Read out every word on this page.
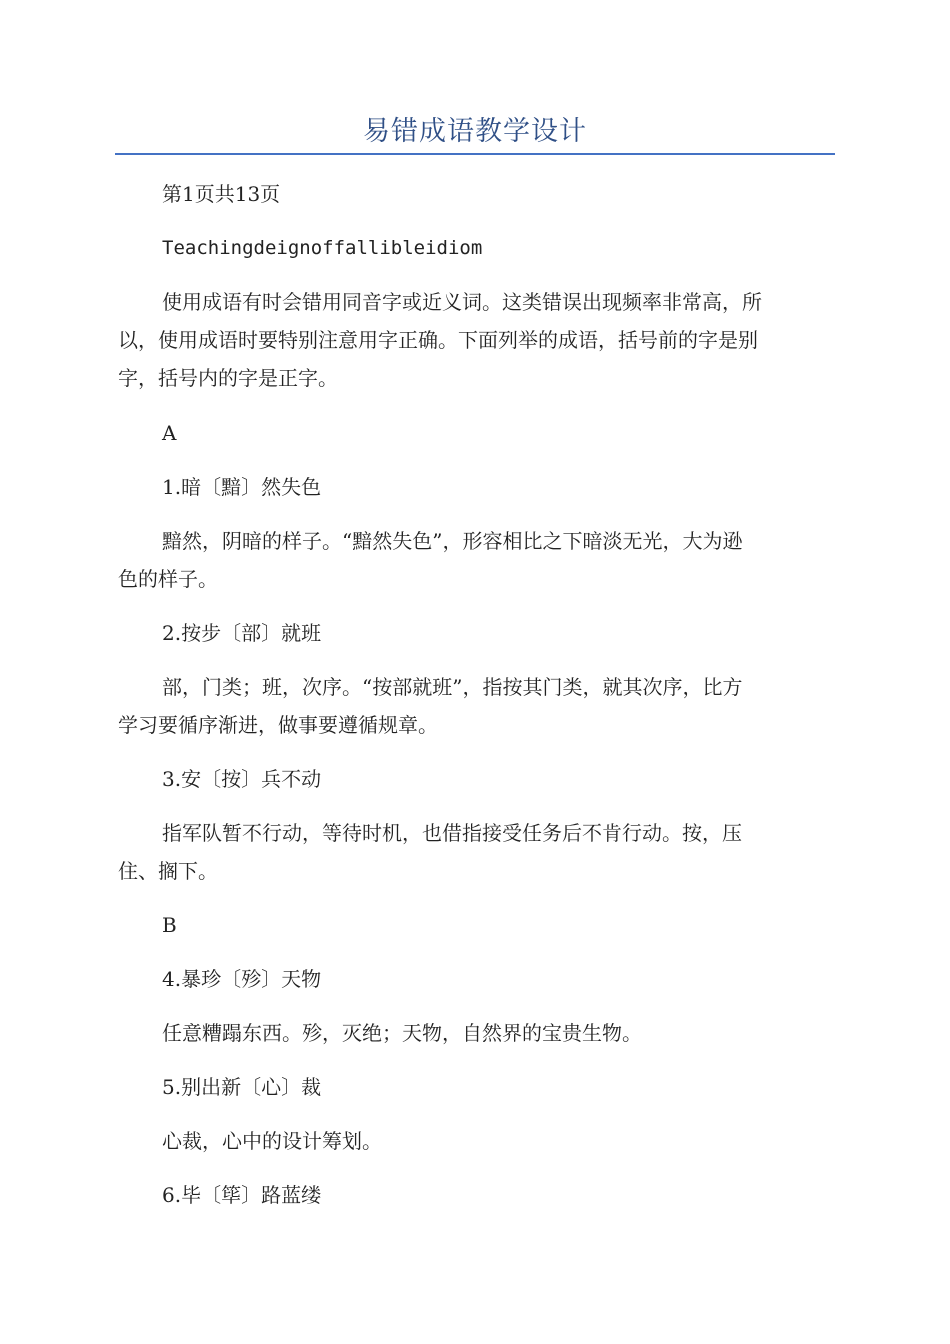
易错成语教学设计
第1页共13页
Teachingdeignoffallibleidiom
使用成语有时会错用同音字或近义词。这类错误出现频率非常高，所
以，使用成语时要特别注意用字正确。下面列举的成语，括号前的字是别
字，括号内的字是正字。
A
1.暗〔黯〕然失色
黯然，阴暗的样子。“黯然失色”，形容相比之下暗淡无光，大为逊
色的样子。
2.按步〔部〕就班
部，门类；班，次序。“按部就班”，指按其门类，就其次序，比方
学习要循序渐进，做事要遵循规章。
3.安〔按〕兵不动
指军队暂不行动，等待时机，也借指接受任务后不肯行动。按，压
住、搁下。
B
4.暴珍〔殄〕天物
任意糟蹋东西。殄，灭绝；天物，自然界的宝贵生物。
5.别出新〔心〕裁
心裁，心中的设计筹划。
6.毕〔筚〕路蓝缕
